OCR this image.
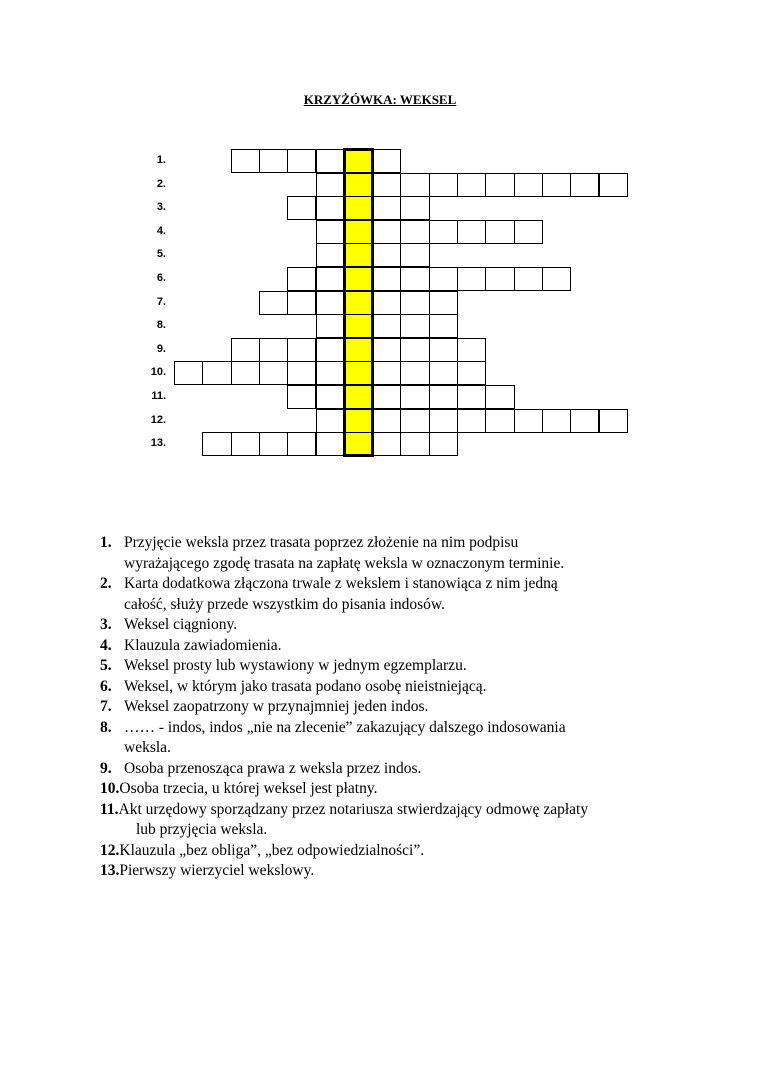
KRZYŻÓWKA: WEKSEL
1.
2.
3.
4.
5.
6.
7.
8.
9.
10.
11.
12.
13.
1. Przyjęcie weksla przez trasata poprzez złożenie na nim podpisu
wyrażającego zgodę trasata na zapłatę weksla w oznaczonym terminie.
2. Karta dodatkowa złączona trwale z wekslem i stanowiąca z nim jedną
całość, służy przede wszystkim do pisania indosów.
3. Weksel ciągniony.
4. Klauzula zawiadomienia.
5. Weksel prosty lub wystawiony w jednym egzemplarzu.
6. Weksel, w którym jako trasata podano osobę nieistniejącą.
7. Weksel zaopatrzony w przynajmniej jeden indos.
8. …… - indos, indos „nie na zlecenie” zakazujący dalszego indosowania
weksla.
9. Osoba przenosząca prawa z weksla przez indos.
10.Osoba trzecia, u której weksel jest płatny.
11.Akt urzędowy sporządzany przez notariusza stwierdzający odmowę zapłaty
lub przyjęcia weksla.
12.Klauzula „bez obliga”, „bez odpowiedzialności”.
13.Pierwszy wierzyciel wekslowy.
